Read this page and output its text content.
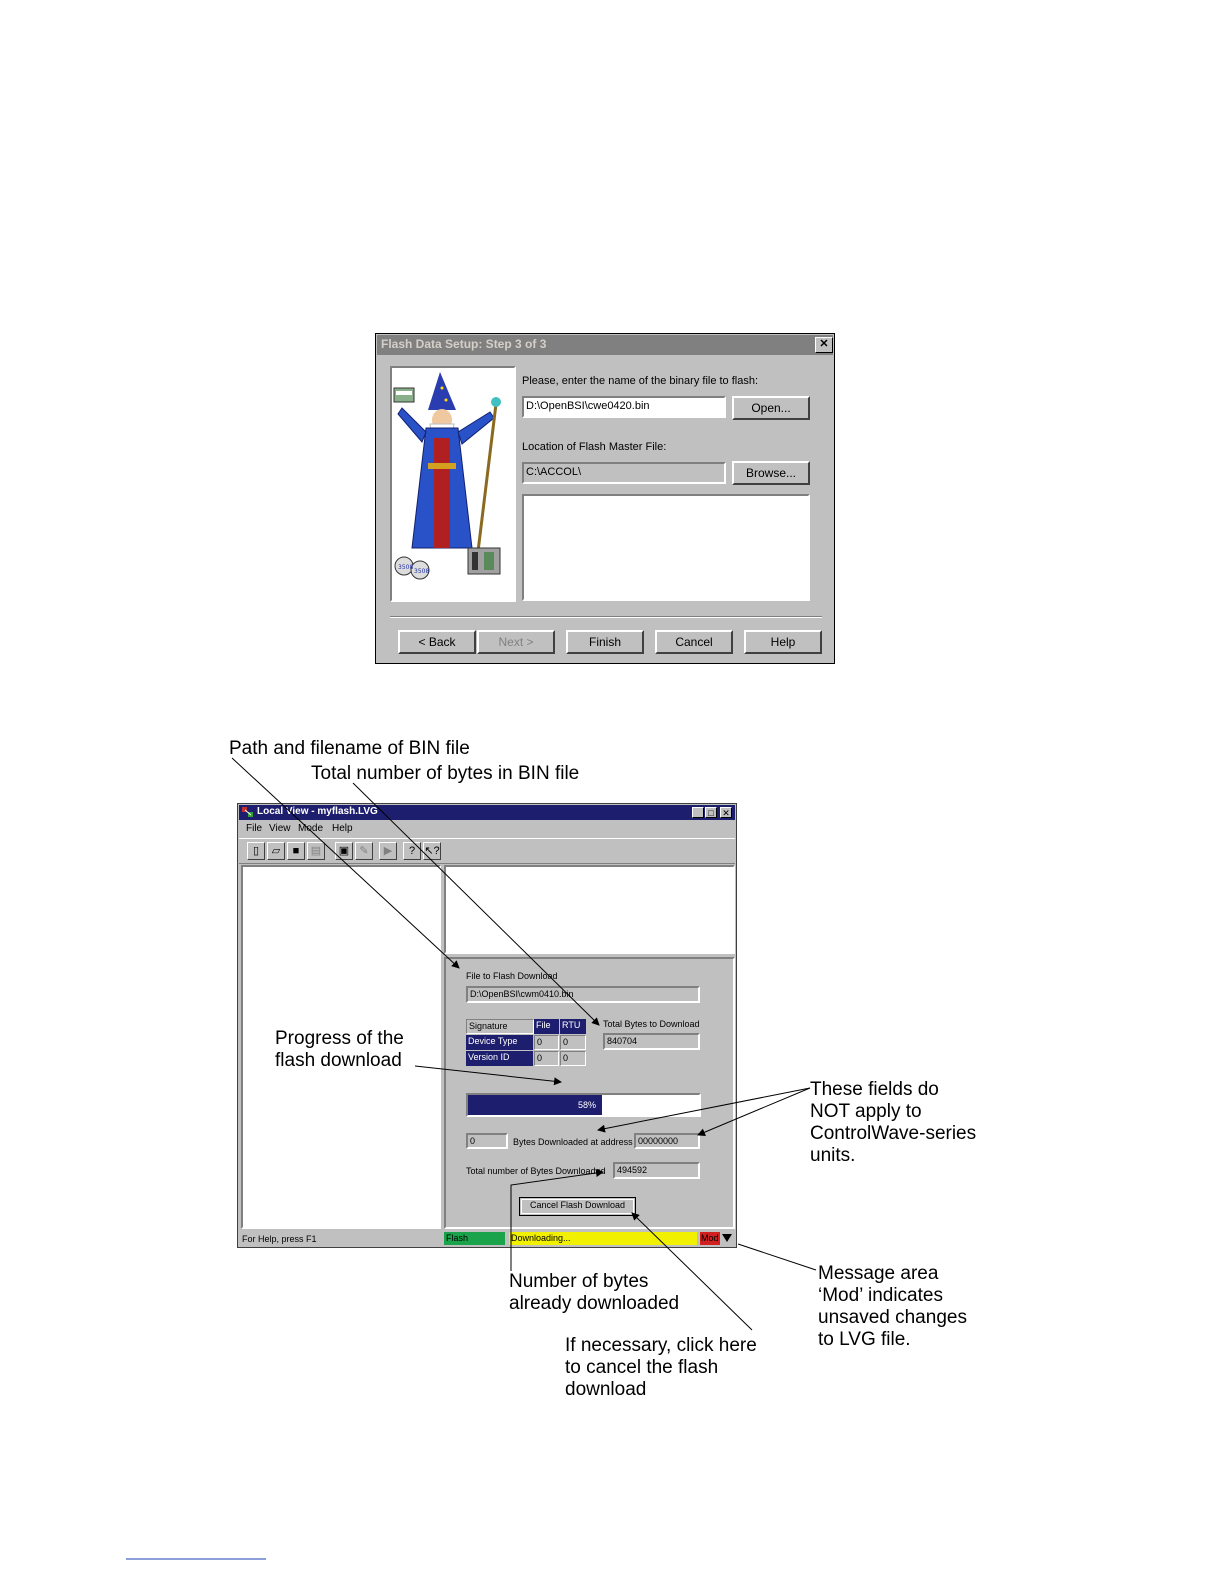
Flash Data Setup: Step 3 of 3	✕
3508
3508
Please, enter the name of the binary file to flash:
D:\OpenBSI\cwe0420.bin	Open...
Location of Flash Master File:
C:\ACCOL\	Browse...
< Back	Next >	Finish	Cancel	Help
Local View - myflash.LVG	_ □ ✕
File View Mode Help
▯	▱	■	▤	▣ ✎	▶	? ↖?
File to Flash Download
D:\OpenBSI\cwm0410.bin
Signature	File	RTU
Device Type	0	0
Version ID	0	0
Total Bytes to Download
840704
58%
0	Bytes Downloaded at address 00000000
Total number of Bytes Downloaded	494592
Cancel Flash Download
For Help, press F1	Flash	Downloading...	Mod
Path and filename of BIN file
Total number of bytes in BIN file
Progress of the
flash download
These fields do
NOT apply to
ControlWave-series
units.
Number of bytes
already downloaded
If necessary, click here
to cancel the flash
download
Message area
‘Mod’ indicates
unsaved changes
to LVG file.
